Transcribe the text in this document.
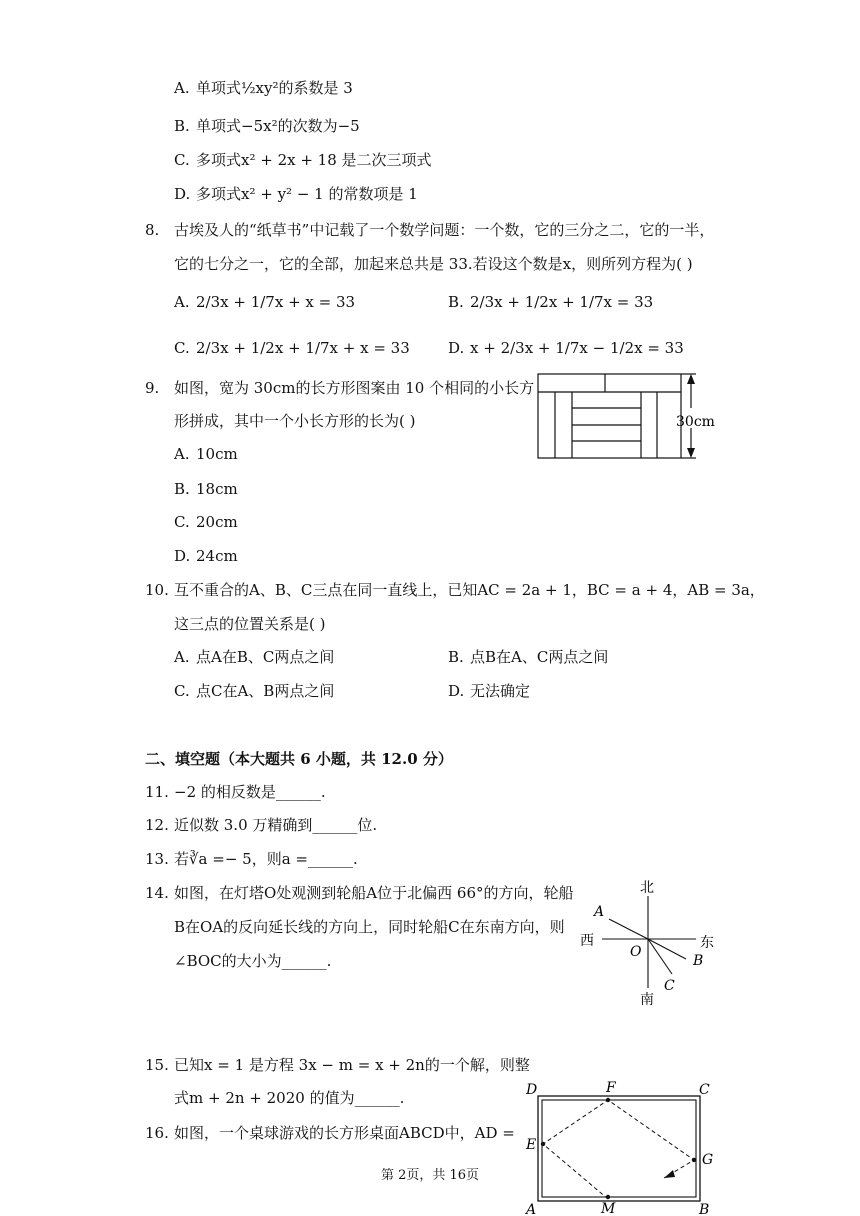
A. 单项式½xy²的系数是 3
B. 单项式−5x²的次数为−5
C. 多项式x² + 2x + 18 是二次三项式
D. 多项式x² + y² − 1 的常数项是 1
8. 古埃及人的“纸草书”中记载了一个数学问题：一个数，它的三分之二，它的一半，
它的七分之一，它的全部，加起来总共是 33.若设这个数是x，则所列方程为( )
A. 2/3x + 1/7x + x = 33	B. 2/3x + 1/2x + 1/7x = 33
C. 2/3x + 1/2x + 1/7x + x = 33	D. x + 2/3x + 1/7x − 1/2x = 33
9. 如图，宽为 30cm的长方形图案由 10 个相同的小长方
形拼成，其中一个小长方形的长为( )
A. 10cm
B. 18cm
C. 20cm
D. 24cm
30cm
10. 互不重合的A、B、C三点在同一直线上，已知AC = 2a + 1，BC = a + 4，AB = 3a，
这三点的位置关系是( )
A. 点A在B、C两点之间	B. 点B在A、C两点之间
C. 点C在A、B两点之间	D. 无法确定
二、填空题（本大题共 6 小题，共 12.0 分）
11. −2 的相反数是______.
12. 近似数 3.0 万精确到______位.
13. 若∛a =− 5，则a =______.
14. 如图，在灯塔O处观测到轮船A位于北偏西 66°的方向，轮船
B在OA的反向延长线的方向上，同时轮船C在东南方向，则
∠BOC的大小为______.
北
南
西	东
O
A
B
C
15. 已知x = 1 是方程 3x − m = x + 2n的一个解，则整
式m + 2n + 2020 的值为______.
16. 如图，一个桌球游戏的长方形桌面ABCD中，AD =
D	C
A	B
E
F
G
M
第 2页，共 16页
